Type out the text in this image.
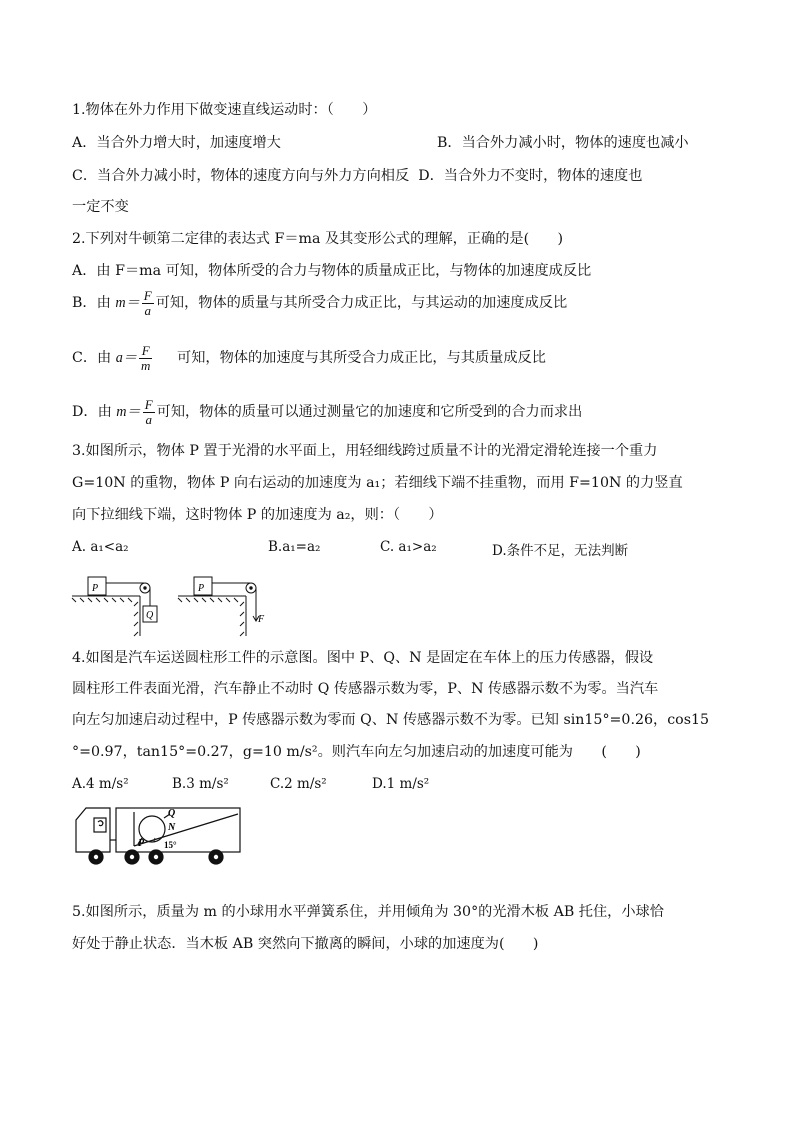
1.物体在外力作用下做变速直线运动时：（　　）
A．当合外力增大时，加速度增大	B．当合外力减小时，物体的速度也减小
C．当合外力减小时，物体的速度方向与外力方向相反 D．当合外力不变时，物体的速度也
一定不变
2.下列对牛顿第二定律的表达式 F＝ma 及其变形公式的理解，正确的是(　　)
A．由 F＝ma 可知，物体所受的合力与物体的质量成正比，与物体的加速度成反比
B．由 $m= \frac{F}{a}$ 可知，物体的质量与其所受合力成正比，与其运动的加速度成反比
C．由 $a= \frac{F}{m}$ 可知，物体的加速度与其所受合力成正比，与其质量成反比
D．由 $m= \frac{F}{a}$ 可知，物体的质量可以通过测量它的加速度和它所受到的合力而求出
3.如图所示，物体 P 置于光滑的水平面上，用轻细线跨过质量不计的光滑定滑轮连接一个重力
G=10N 的重物，物体 P 向右运动的加速度为 a₁；若细线下端不挂重物，而用 F=10N 的力竖直
向下拉细线下端，这时物体 P 的加速度为 a₂，则：（　　）
A. a₁<a₂	B.a₁=a₂	C. a₁>a₂	D.条件不足，无法判断
P
Q
P
F
4.如图是汽车运送圆柱形工件的示意图。图中 P、Q、N 是固定在车体上的压力传感器，假设
圆柱形工件表面光滑，汽车静止不动时 Q 传感器示数为零，P、N 传感器示数不为零。当汽车
向左匀加速启动过程中，P 传感器示数为零而 Q、N 传感器示数不为零。已知 sin15°=0.26，cos15
°=0.97，tan15°=0.27，g=10 m/s²。则汽车向左匀加速启动的加速度可能为　　(　　)
A.4 m/s²	B.3 m/s²	C.2 m/s²	D.1 m/s²
Q
N
P 15°
5.如图所示，质量为 m 的小球用水平弹簧系住，并用倾角为 30°的光滑木板 AB 托住，小球恰
好处于静止状态．当木板 AB 突然向下撤离的瞬间，小球的加速度为(　　)
